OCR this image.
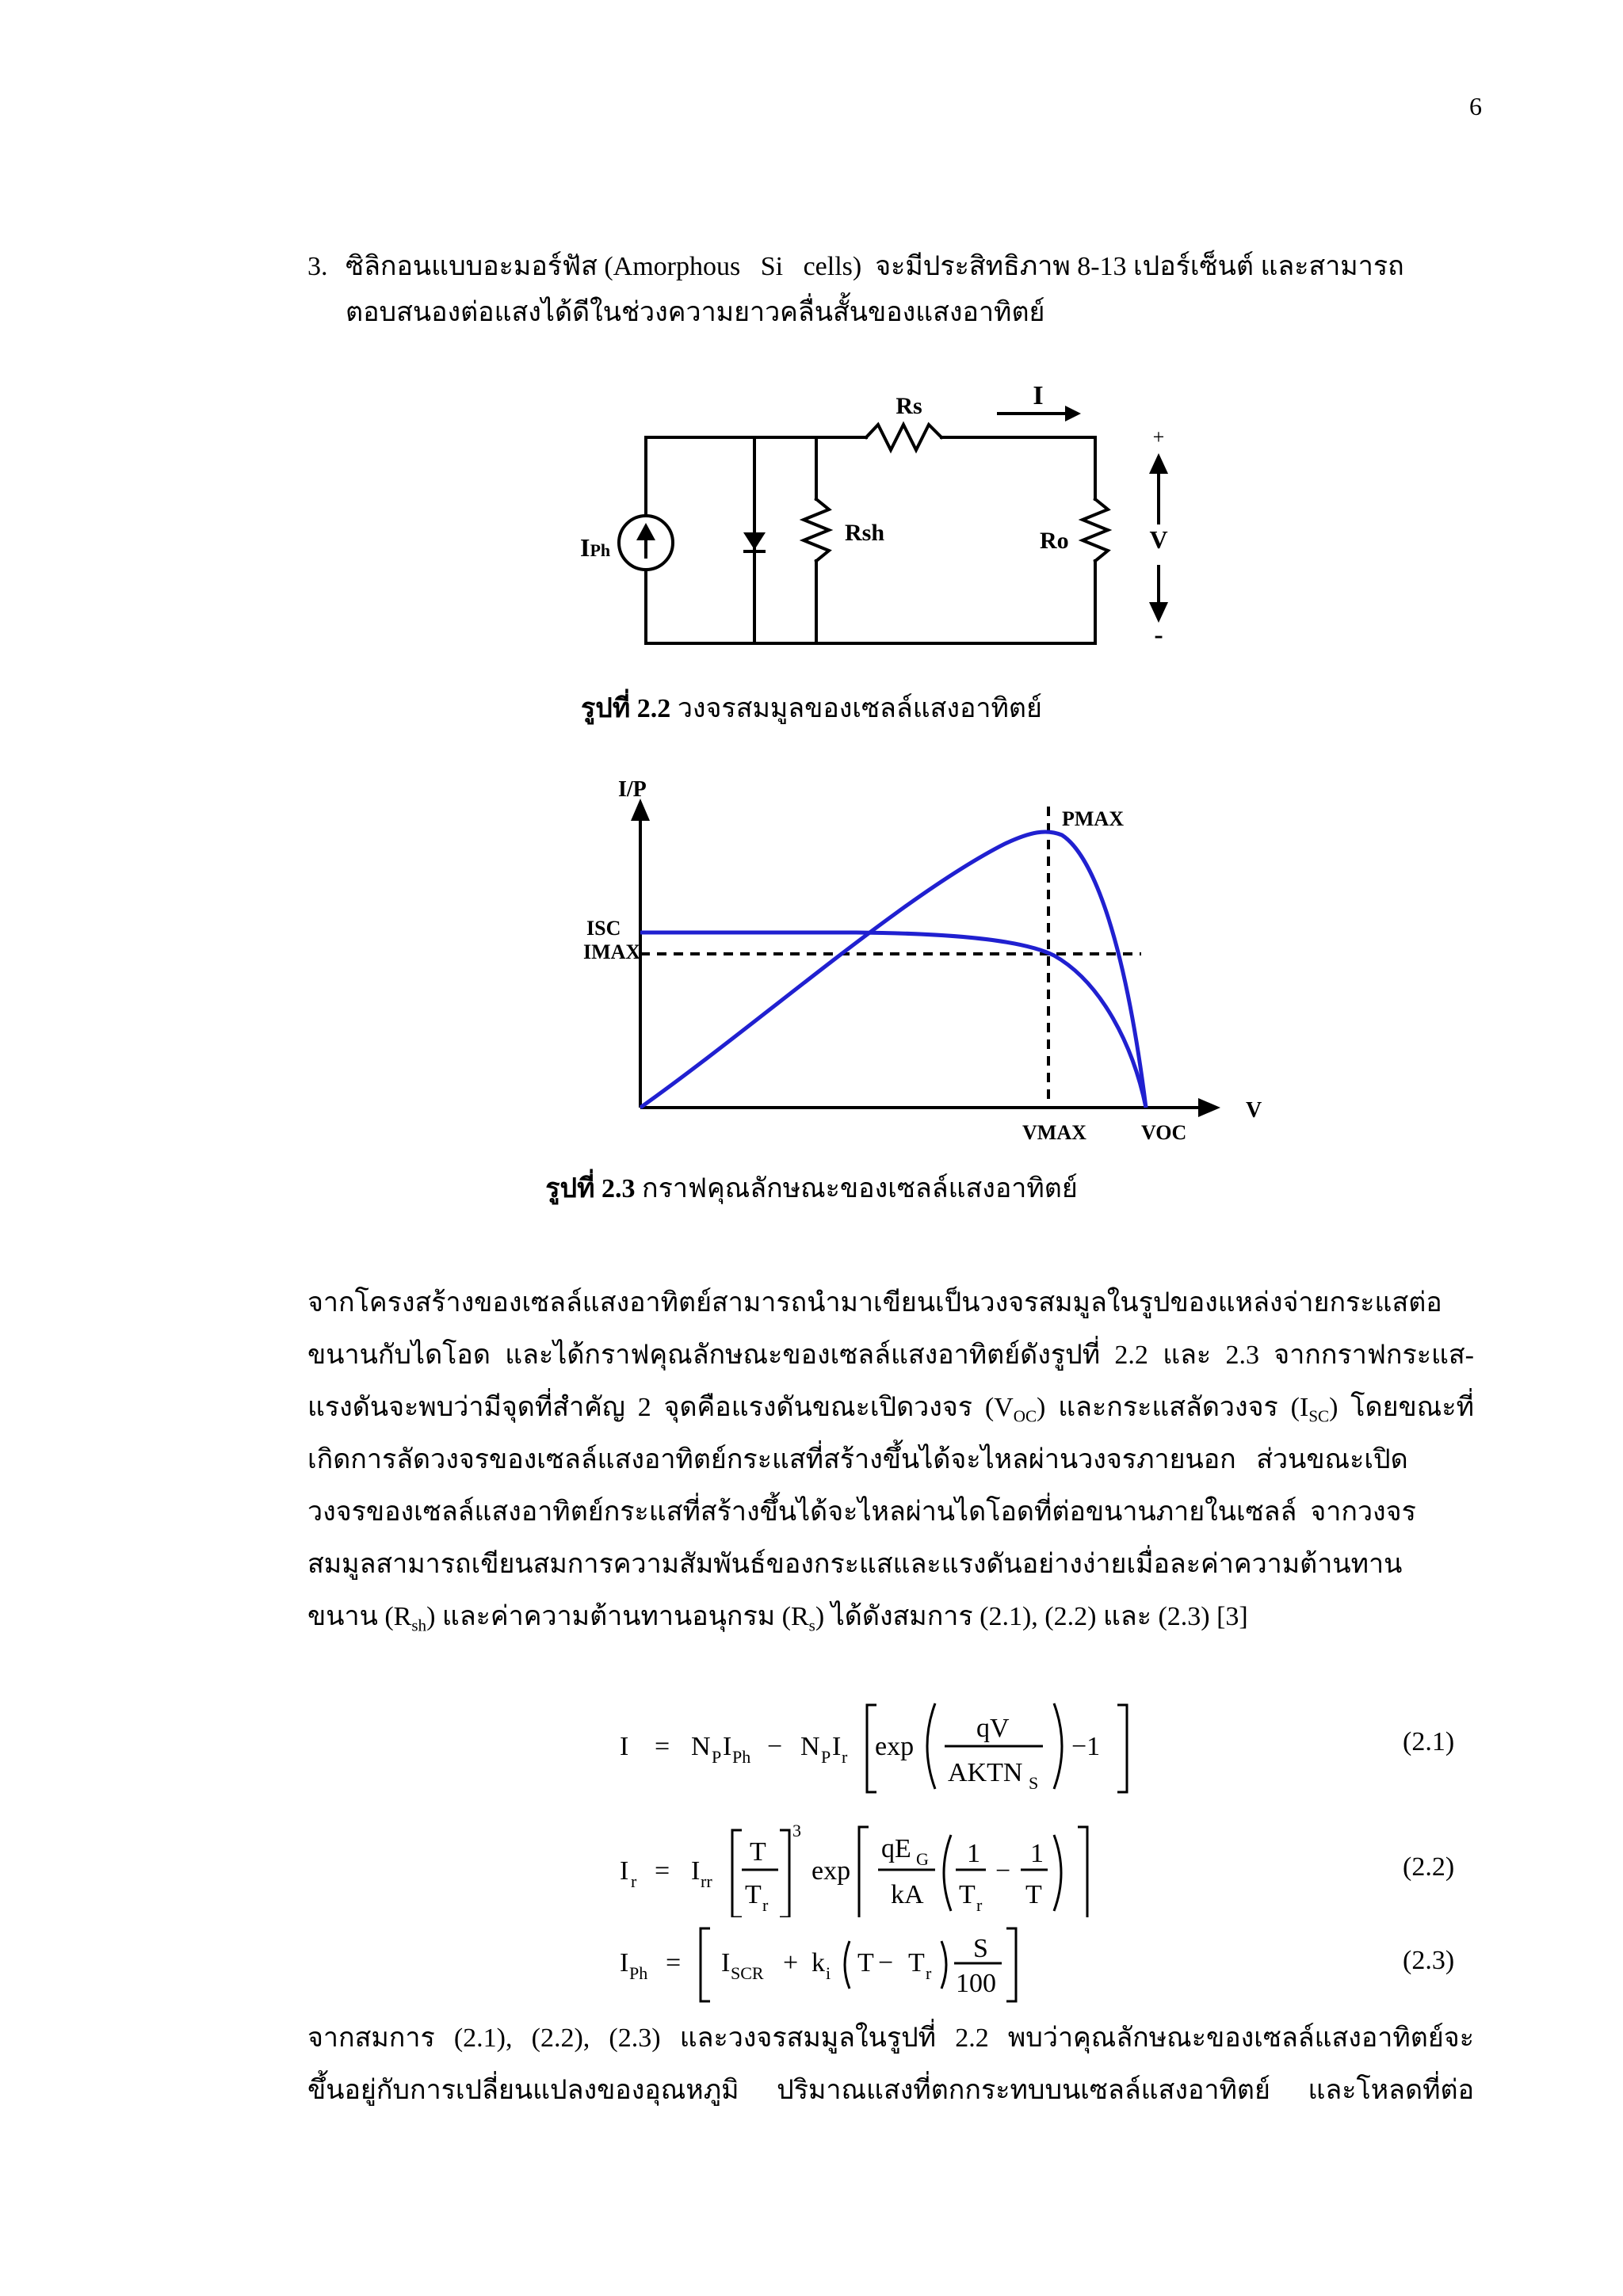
6
3. ซิลิกอนแบบอะมอร์ฟัส (Amorphous   Si   cells)  จะมีประสิทธิภาพ 8-13 เปอร์เซ็นต์ และสามารถ
ตอบสนองต่อแสงได้ดีในช่วงความยาวคลื่นสั้นของแสงอาทิตย์
Rs	I
+
-
IPh
Rsh	Ro	V
รูปที่ 2.2 วงจรสมมูลของเซลล์แสงอาทิตย์
I/P
V
PMAX
ISC
IMAX
VMAX	VOC
รูปที่ 2.3 กราฟคุณลักษณะของเซลล์แสงอาทิตย์
จากโครงสร้างของเซลล์แสงอาทิตย์สามารถนำมาเขียนเป็นวงจรสมมูลในรูปของแหล่งจ่ายกระแสต่อ
ขนานกับไดโอด และได้กราฟคุณลักษณะของเซลล์แสงอาทิตย์ดังรูปที่ 2.2 และ 2.3 จากกราฟกระแส-
แรงดันจะพบว่ามีจุดที่สำคัญ 2 จุดคือแรงดันขณะเปิดวงจร $(V_{OC})$ และกระแสลัดวงจร $(I_{SC})$ โดยขณะที่
เกิดการลัดวงจรของเซลล์แสงอาทิตย์กระแสที่สร้างขึ้นได้จะไหลผ่านวงจรภายนอก   ส่วนขณะเปิด
วงจรของเซลล์แสงอาทิตย์กระแสที่สร้างขึ้นได้จะไหลผ่านไดโอดที่ต่อขนานภายในเซลล์  จากวงจร
สมมูลสามารถเขียนสมการความสัมพันธ์ของกระแสและแรงดันอย่างง่ายเมื่อละค่าความต้านทาน
ขนาน $(R_{sh})$ และค่าความต้านทานอนุกรม $(R_s)$ ได้ดังสมการ (2.1), (2.2) และ (2.3) [3]
I = N P I Ph − N P I r exp
qV
AKTN S
−1	(2.1)
I r = I rr
T
T r
3
exp
qE G
kA
1
T r
−
1
T
(2.2)
I Ph = I SCR + k i T − T r
S
100
(2.3)
จากสมการ (2.1), (2.2), (2.3) และวงจรสมมูลในรูปที่ 2.2 พบว่าคุณลักษณะของเซลล์แสงอาทิตย์จะ
ขึ้นอยู่กับการเปลี่ยนแปลงของอุณหภูมิ ปริมาณแสงที่ตกกระทบบนเซลล์แสงอาทิตย์ และโหลดที่ต่อ
